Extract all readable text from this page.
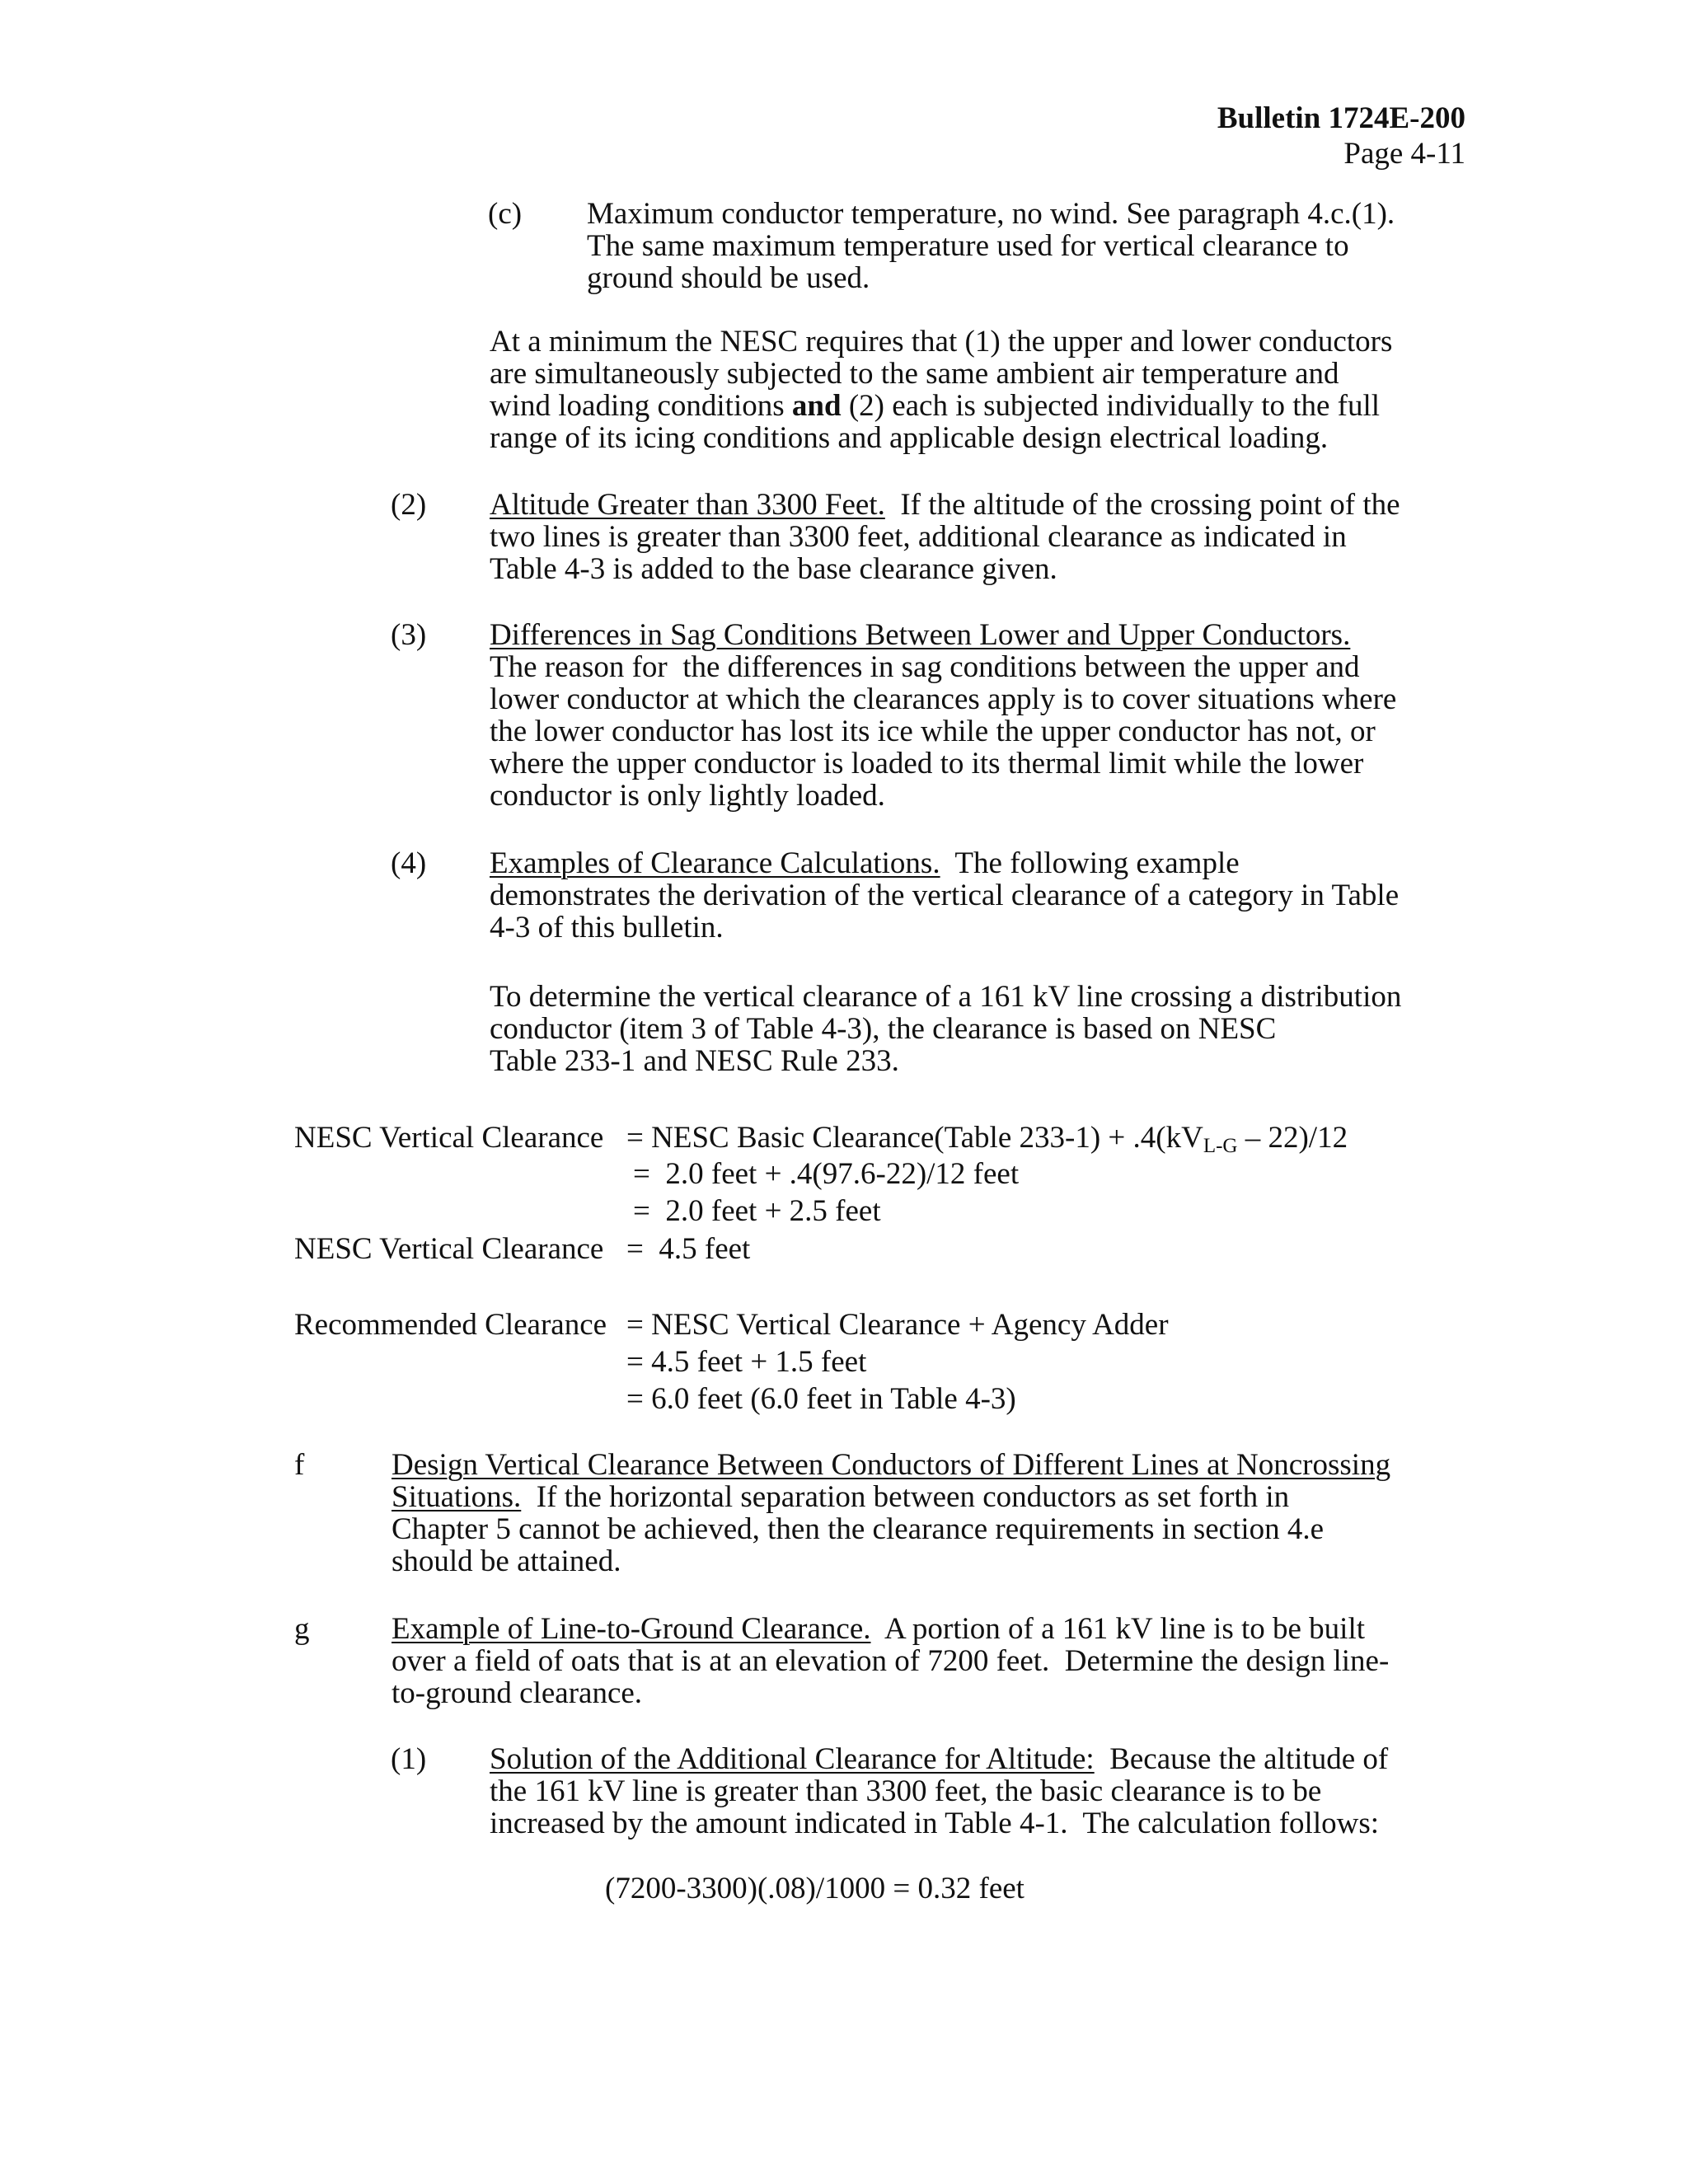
Bulletin 1724E-200
Page 4-11
(c) Maximum conductor temperature, no wind. See paragraph 4.c.(1).
The same maximum temperature used for vertical clearance to
ground should be used.
At a minimum the NESC requires that (1) the upper and lower conductors
are simultaneously subjected to the same ambient air temperature and
wind loading conditions and (2) each is subjected individually to the full
range of its icing conditions and applicable design electrical loading.
(2) Altitude Greater than 3300 Feet.  If the altitude of the crossing point of the
two lines is greater than 3300 feet, additional clearance as indicated in
Table 4-3 is added to the base clearance given.
(3) Differences in Sag Conditions Between Lower and Upper Conductors.
The reason for  the differences in sag conditions between the upper and
lower conductor at which the clearances apply is to cover situations where
the lower conductor has lost its ice while the upper conductor has not, or
where the upper conductor is loaded to its thermal limit while the lower
conductor is only lightly loaded.
(4) Examples of Clearance Calculations.  The following example
demonstrates the derivation of the vertical clearance of a category in Table
4-3 of this bulletin.
To determine the vertical clearance of a 161 kV line crossing a distribution
conductor (item 3 of Table 4-3), the clearance is based on NESC
Table 233-1 and NESC Rule 233.
NESC Vertical Clearance = NESC Basic Clearance(Table $233-1) + .4(kV_{L-G} - 22)/12$
=  2.0 feet + .4(97.6-22)/12 feet
=  2.0 feet + 2.5 feet
NESC Vertical Clearance =  4.5 feet
Recommended Clearance = NESC Vertical Clearance + Agency Adder
= 4.5 feet + 1.5 feet
= 6.0 feet (6.0 feet in Table 4-3)
f	Design Vertical Clearance Between Conductors of Different Lines at Noncrossing
Situations.  If the horizontal separation between conductors as set forth in
Chapter 5 cannot be achieved, then the clearance requirements in section 4.e
should be attained.
g	Example of Line-to-Ground Clearance.  A portion of a 161 kV line is to be built
over a field of oats that is at an elevation of 7200 feet.  Determine the design line-
to-ground clearance.
(1) Solution of the Additional Clearance for Altitude:  Because the altitude of
the 161 kV line is greater than 3300 feet, the basic clearance is to be
increased by the amount indicated in Table 4-1.  The calculation follows:
(7200-3300)(.08)/1000 = 0.32 feet
